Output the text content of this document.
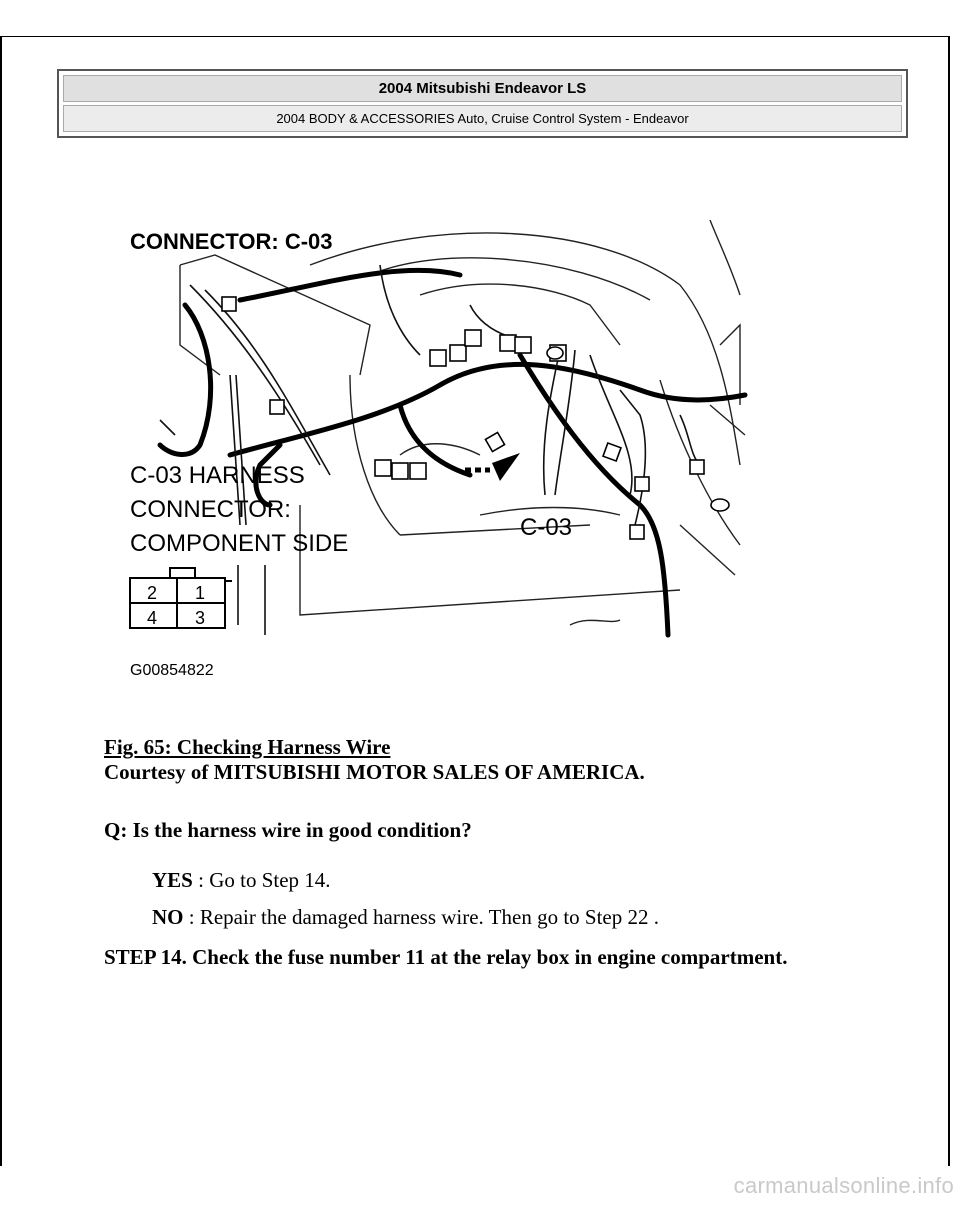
2004 Mitsubishi Endeavor LS
2004 BODY & ACCESSORIES Auto, Cruise Control System - Endeavor
CONNECTOR: C-03
C-03 HARNESS
CONNECTOR:
COMPONENT SIDE
C-03
2 1
4 3
G00854822
Fig. 65: Checking Harness Wire
Courtesy of MITSUBISHI MOTOR SALES OF AMERICA.
Q: Is the harness wire in good condition?
YES : Go to Step 14.
NO : Repair the damaged harness wire. Then go to Step 22 .
STEP 14. Check the fuse number 11 at the relay box in engine compartment.
carmanualsonline.info
